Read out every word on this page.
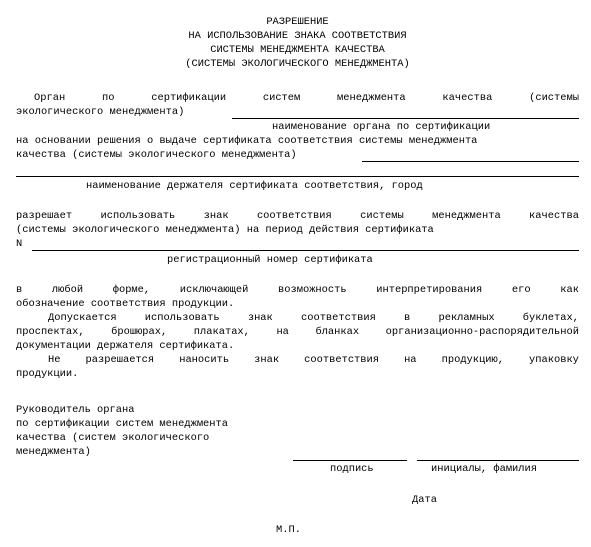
РАЗРЕШЕНИЕ
НА ИСПОЛЬЗОВАНИЕ ЗНАКА СООТВЕТСТВИЯ
СИСТЕМЫ МЕНЕДЖМЕНТА КАЧЕСТВА
(СИСТЕМЫ ЭКОЛОГИЧЕСКОГО МЕНЕДЖМЕНТА)
Орган	по	сертификации	систем	менеджмента	качества	(системы
экологического менеджмента)
наименование органа по сертификации
на основании решения о выдаче сертификата соответствия системы менеджмента
качества (системы экологического менеджмента)
наименование держателя сертификата соответствия, город
разрешает	использовать	знак	соответствия	системы	менеджмента	качества
(системы экологического менеджмента) на период действия сертификата
N
регистрационный номер сертификата
в	любой	форме,	исключающей	возможность	интерпретирования	его	как
обозначение соответствия продукции.
Допускается	использовать	знак	соответствия	в	рекламных	буклетах,
проспектах,	брошюрах,	плакатах,	на	бланках	организационно-распорядительной
документации держателя сертификата.
Не разрешается наносить знак соответствия на продукцию, упаковку
продукции.
Руководитель органа
по сертификации систем менеджмента
качества (систем экологического
менеджмента)
подпись	инициалы, фамилия
Дата
М.П.
